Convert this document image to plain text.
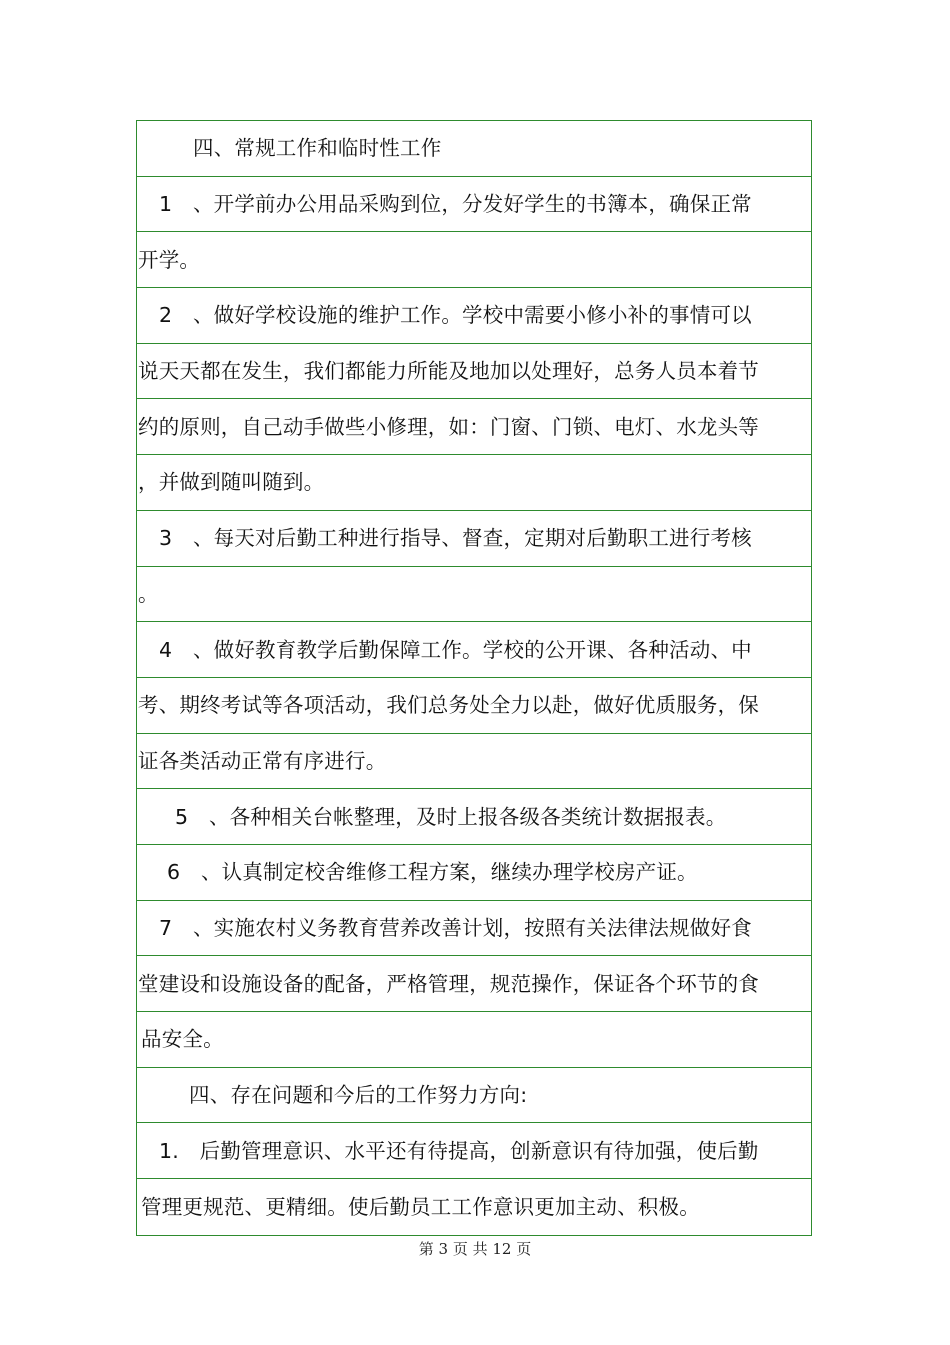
四、常规工作和临时性工作
1　、开学前办公用品采购到位，分发好学生的书簿本，确保正常
开学。
2　、做好学校设施的维护工作。学校中需要小修小补的事情可以
说天天都在发生，我们都能力所能及地加以处理好，总务人员本着节
约的原则，自己动手做些小修理，如：门窗、门锁、电灯、水龙头等
，并做到随叫随到。
3　、每天对后勤工种进行指导、督查，定期对后勤职工进行考核
。
4　、做好教育教学后勤保障工作。学校的公开课、各种活动、中
考、期终考试等各项活动，我们总务处全力以赴，做好优质服务，保
证各类活动正常有序进行。
5　、各种相关台帐整理，及时上报各级各类统计数据报表。
6　、认真制定校舍维修工程方案，继续办理学校房产证。
7　、实施农村义务教育营养改善计划，按照有关法律法规做好食
堂建设和设施设备的配备，严格管理，规范操作，保证各个环节的食
品安全。
四、存在问题和今后的工作努力方向:
1.　后勤管理意识、水平还有待提高，创新意识有待加强，使后勤
管理更规范、更精细。使后勤员工工作意识更加主动、积极。
第 3 页 共 12 页
